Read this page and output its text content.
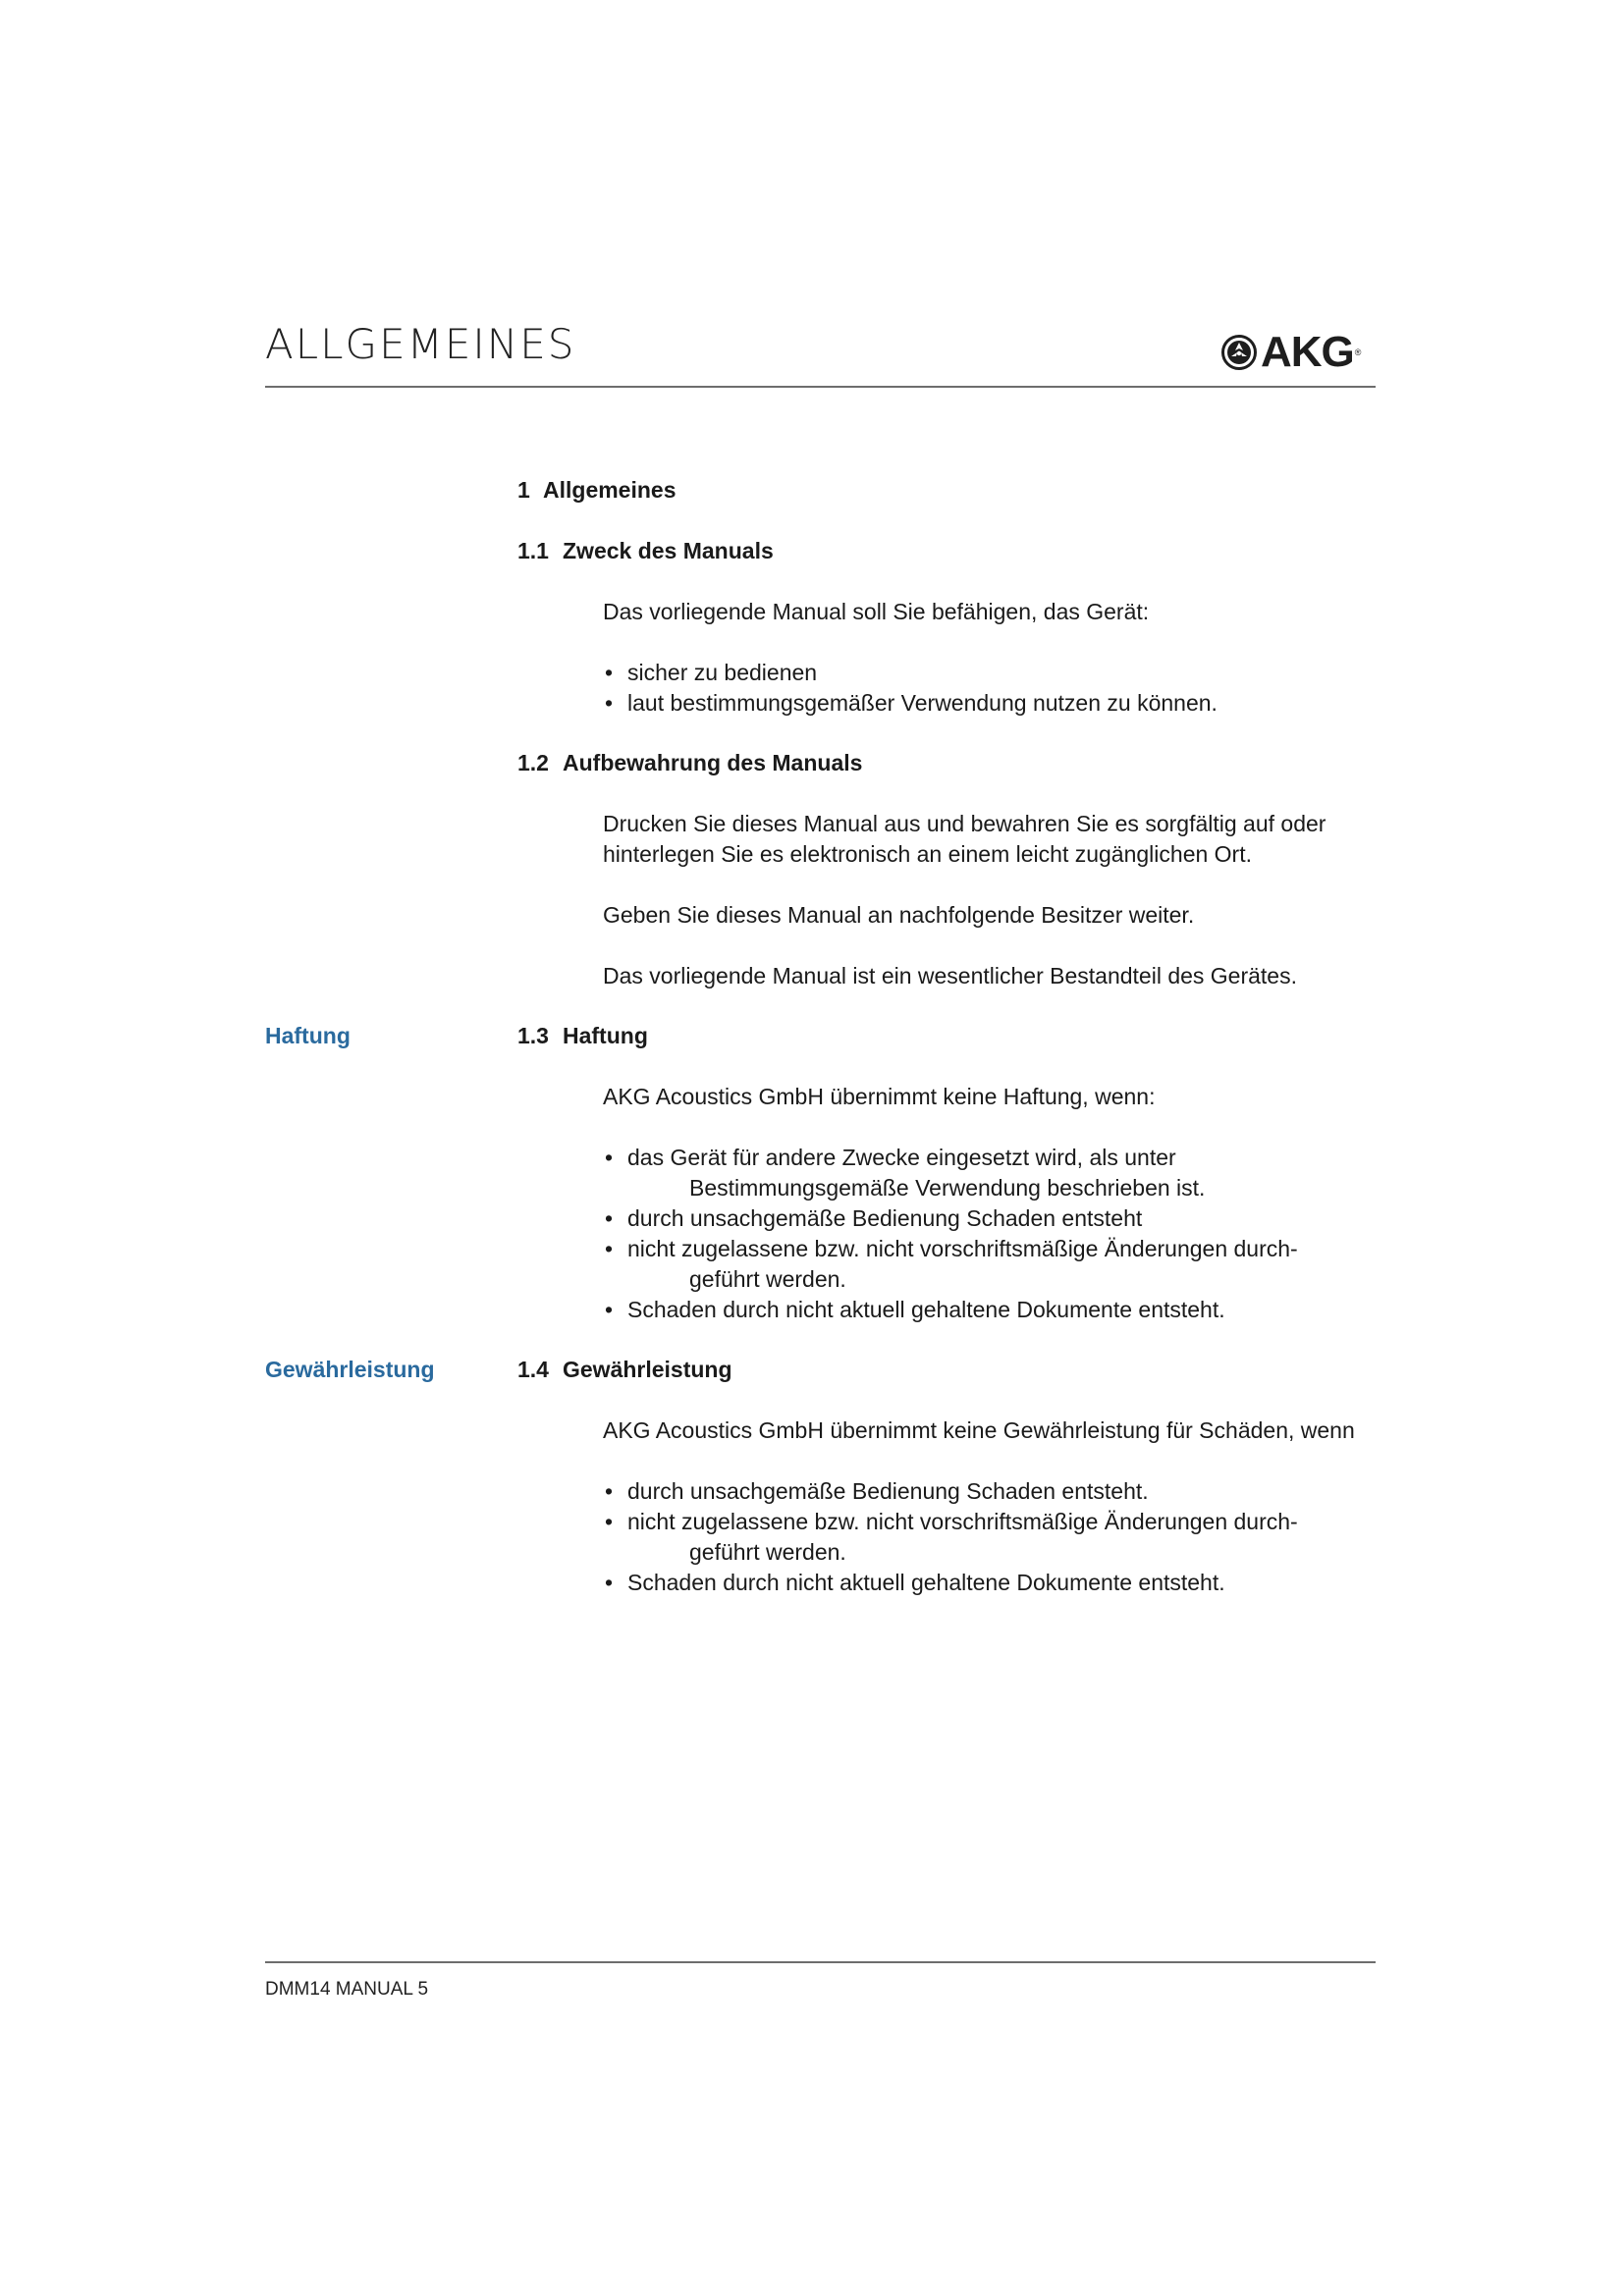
ALLGEMEINES	AKG ®
1 Allgemeines
1.1 Zweck des Manuals
Das vorliegende Manual soll Sie befähigen, das Gerät:
• sicher zu bedienen
• laut bestimmungsgemäßer Verwendung nutzen zu können.
1.2 Aufbewahrung des Manuals
Drucken Sie dieses Manual aus und bewahren Sie es sorgfältig auf oder
hinterlegen Sie es elektronisch an einem leicht zugänglichen Ort.
Geben Sie dieses Manual an nachfolgende Besitzer weiter.
Das vorliegende Manual ist ein wesentlicher Bestandteil des Gerätes.
Haftung	1.3 Haftung
AKG Acoustics GmbH übernimmt keine Haftung, wenn:
• das Gerät für andere Zwecke eingesetzt wird, als unter
Bestimmungsgemäße Verwendung beschrieben ist.
• durch unsachgemäße Bedienung Schaden entsteht
• nicht zugelassene bzw. nicht vorschriftsmäßige Änderungen durch-
geführt werden.
• Schaden durch nicht aktuell gehaltene Dokumente entsteht.
Gewährleistung	1.4 Gewährleistung
AKG Acoustics GmbH übernimmt keine Gewährleistung für Schäden, wenn
• durch unsachgemäße Bedienung Schaden entsteht.
• nicht zugelassene bzw. nicht vorschriftsmäßige Änderungen durch-
geführt werden.
• Schaden durch nicht aktuell gehaltene Dokumente entsteht.
DMM14 MANUAL 5
